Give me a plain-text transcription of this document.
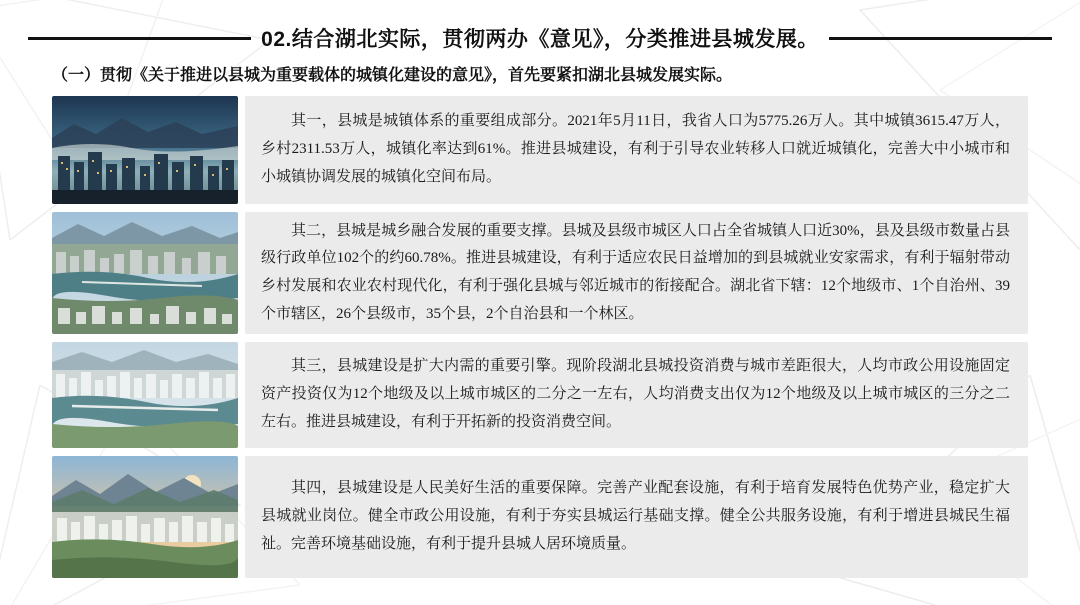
02.结合湖北实际，贯彻两办《意见》，分类推进县城发展。
（一）贯彻《关于推进以县城为重要载体的城镇化建设的意见》，首先要紧扣湖北县城发展实际。

其一，县城是城镇体系的重要组成部分。2021年5月11日，我省人口为5775.26万人。其中城镇3615.47万人，乡村2311.53万人，城镇化率达到61%。推进县城建设，有利于引导农业转移人口就近城镇化，完善大中小城市和小城镇协调发展的城镇化空间布局。

其二，县城是城乡融合发展的重要支撑。县城及县级市城区人口占全省城镇人口近30%，县及县级市数量占县级行政单位102个的约60.78%。推进县城建设，有利于适应农民日益增加的到县城就业安家需求，有利于辐射带动乡村发展和农业农村现代化，有利于强化县城与邻近城市的衔接配合。湖北省下辖：12个地级市、1个自治州、39个市辖区，26个县级市，35个县，2个自治县和一个林区。

其三，县城建设是扩大内需的重要引擎。现阶段湖北县城投资消费与城市差距很大，人均市政公用设施固定资产投资仅为12个地级及以上城市城区的二分之一左右，人均消费支出仅为12个地级及以上城市城区的三分之二左右。推进县城建设，有利于开拓新的投资消费空间。

其四，县城建设是人民美好生活的重要保障。完善产业配套设施，有利于培育发展特色优势产业，稳定扩大县城就业岗位。健全市政公用设施，有利于夯实县城运行基础支撑。健全公共服务设施，有利于增进县城民生福祉。完善环境基础设施，有利于提升县城人居环境质量。
